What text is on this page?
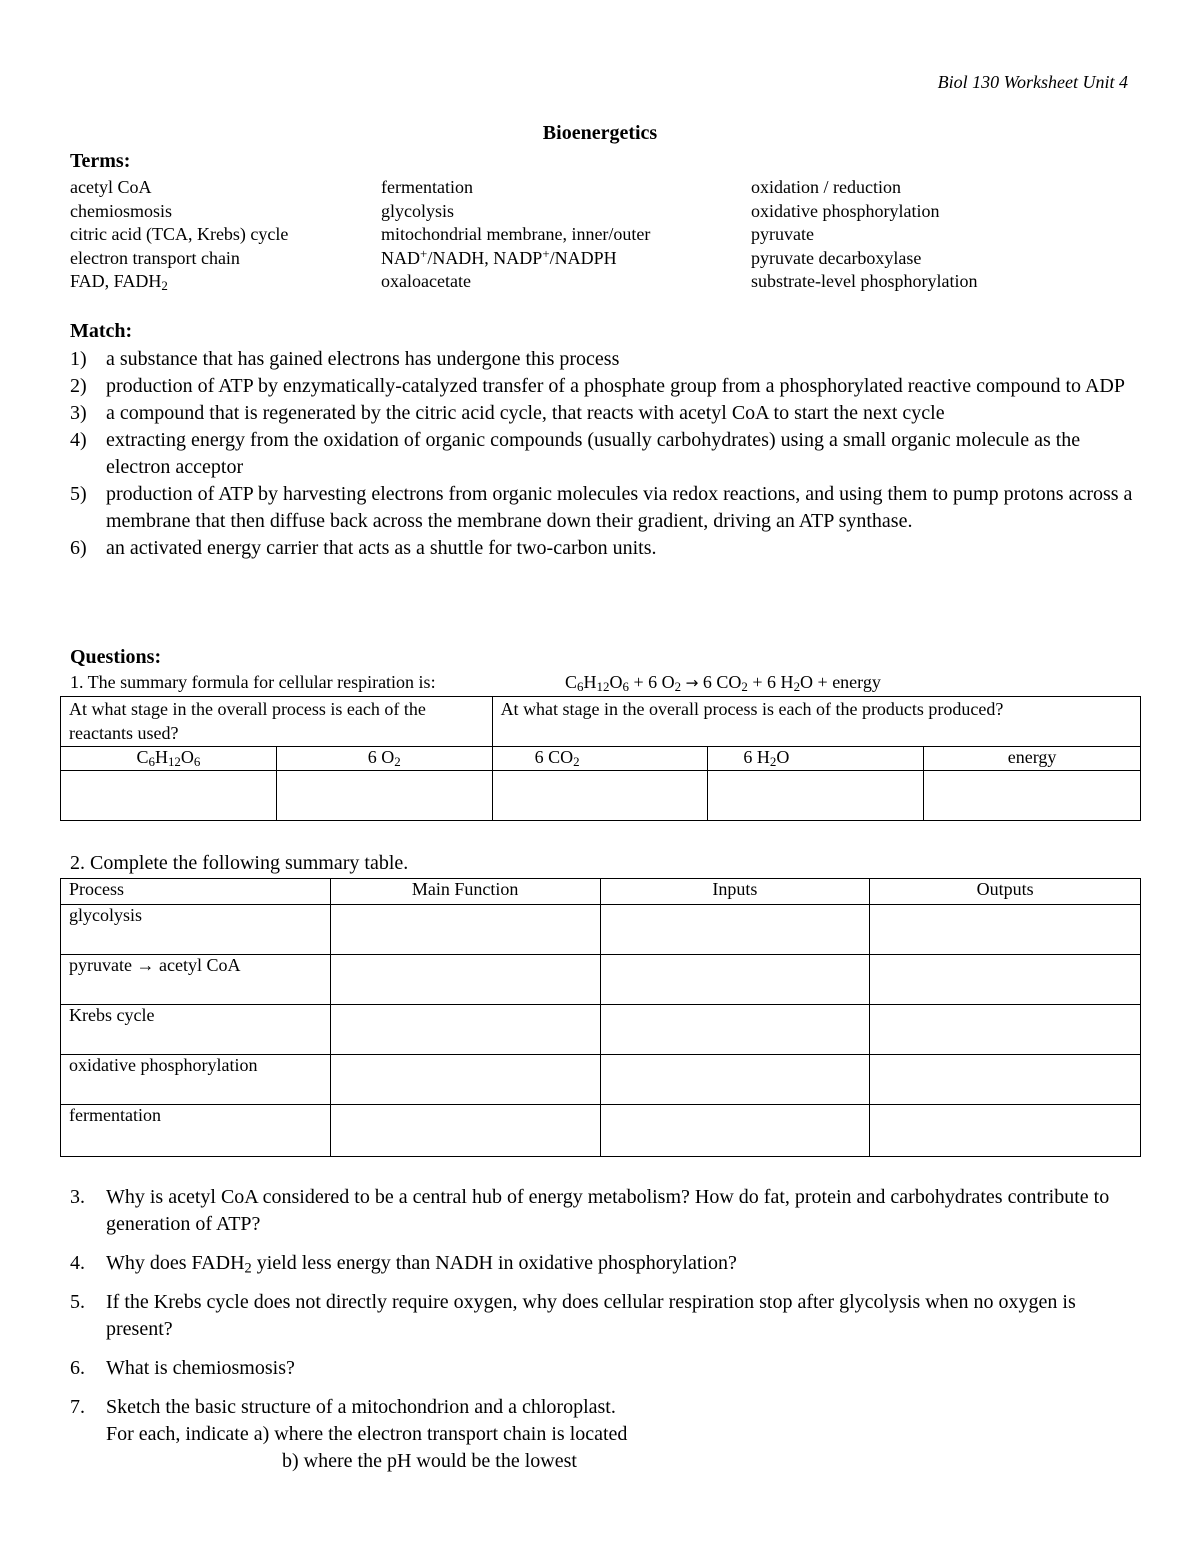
Biol 130 Worksheet Unit 4
Bioenergetics
Terms:
acetyl CoA
chemiosmosis
citric acid (TCA, Krebs) cycle
electron transport chain
FAD, $FADH_2$
fermentation
glycolysis
mitochondrial membrane, inner/outer
NAD+/NADH, NADP+/NADPH
oxaloacetate
oxidation / reduction
oxidative phosphorylation
pyruvate
pyruvate decarboxylase
substrate-level phosphorylation
Match:
1) a substance that has gained electrons has undergone this process
2) production of ATP by enzymatically-catalyzed transfer of a phosphate group from a phosphorylated reactive compound to ADP
3) a compound that is regenerated by the citric acid cycle, that reacts with acetyl CoA to start the next cycle
4) extracting energy from the oxidation of organic compounds (usually carbohydrates) using a small organic molecule as the electron acceptor
5) production of ATP by harvesting electrons from organic molecules via redox reactions, and using them to pump protons across a membrane that then diffuse back across the membrane down their gradient, driving an ATP synthase.
6) an activated energy carrier that acts as a shuttle for two-carbon units.
Questions:
1. The summary formula for cellular respiration is:	$C_6H_{12}O_6 + 6$ $O_2 \to 6$ $CO_2 + 6$ $H_2O$ + energy
At what stage in the overall process is each of the reactants used?		At what stage in the overall process is each of the products produced?		
$C_6H_{12}O_6$	6 $O_2$	6 $CO_2$	6 $H_2O$	energy

2. Complete the following summary table.
Process	Main Function	Inputs	Outputs
glycolysis			
pyruvate → acetyl CoA			
Krebs cycle			
oxidative phosphorylation			
fermentation			
3. Why is acetyl CoA considered to be a central hub of energy metabolism? How do fat, protein and carbohydrates contribute to generation of ATP?
4. Why does $FADH_2$ yield less energy than NADH in oxidative phosphorylation?
5. If the Krebs cycle does not directly require oxygen, why does cellular respiration stop after glycolysis when no oxygen is present?
6. What is chemiosmosis?
7. Sketch the basic structure of a mitochondrion and a chloroplast.
For each, indicate a) where the electron transport chain is located
b) where the pH would be the lowest
